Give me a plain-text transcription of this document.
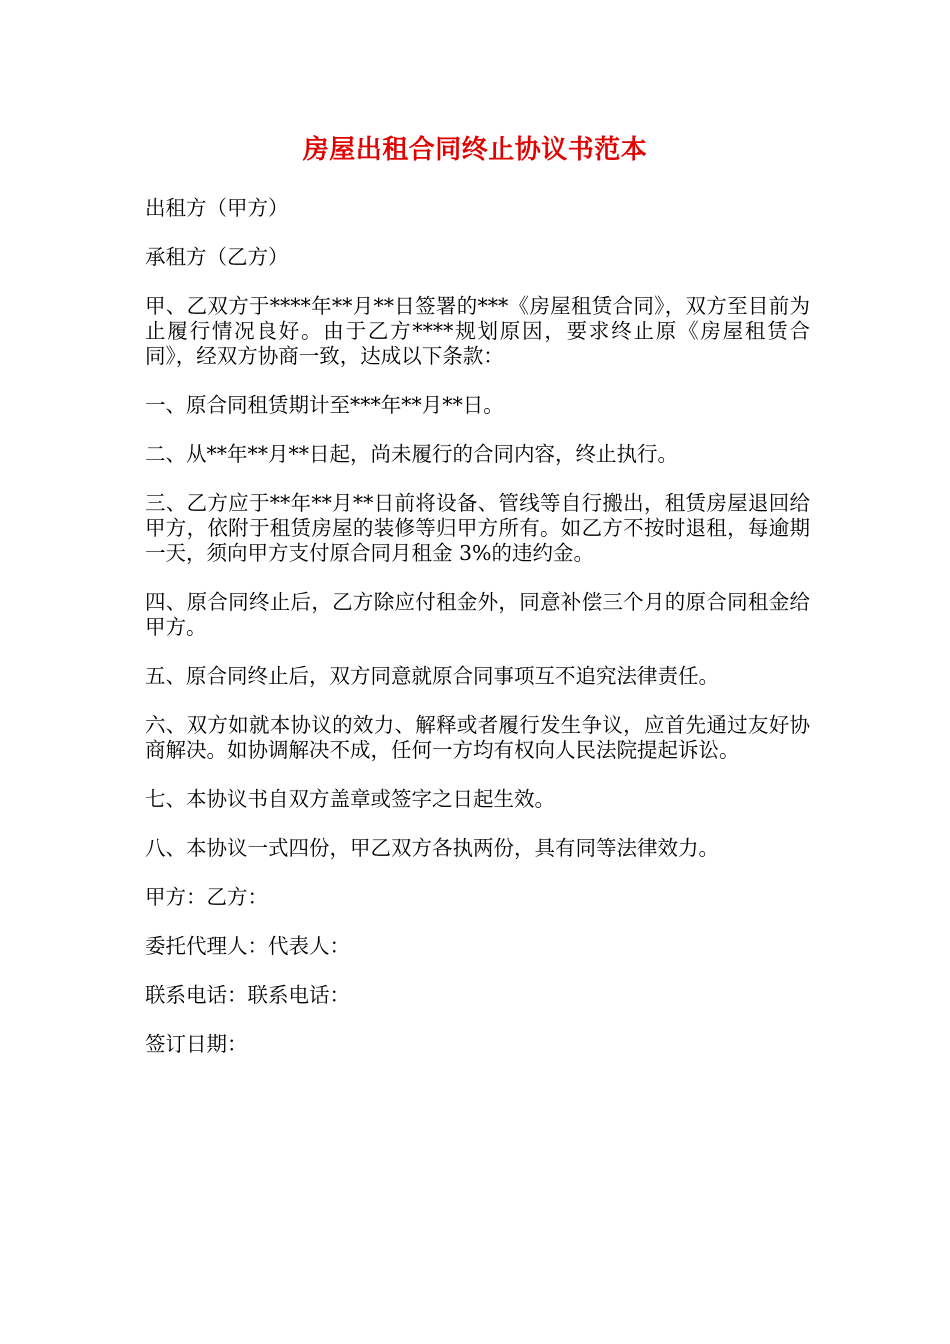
房屋出租合同终止协议书范本

出租方（甲方）

承租方（乙方）

甲、乙双方于****年**月**日签署的***《房屋租赁合同》，双方至目前为止履行情况良好。由于乙方****规划原因，要求终止原《房屋租赁合同》，经双方协商一致，达成以下条款：

一、原合同租赁期计至***年**月**日。

二、从**年**月**日起，尚未履行的合同内容，终止执行。

三、乙方应于**年**月**日前将设备、管线等自行搬出，租赁房屋退回给甲方，依附于租赁房屋的装修等归甲方所有。如乙方不按时退租，每逾期一天，须向甲方支付原合同月租金 3%的违约金。

四、原合同终止后，乙方除应付租金外，同意补偿三个月的原合同租金给甲方。

五、原合同终止后，双方同意就原合同事项互不追究法律责任。

六、双方如就本协议的效力、解释或者履行发生争议，应首先通过友好协商解决。如协调解决不成，任何一方均有权向人民法院提起诉讼。

七、本协议书自双方盖章或签字之日起生效。

八、本协议一式四份，甲乙双方各执两份，具有同等法律效力。

甲方：乙方：

委托代理人：代表人：

联系电话：联系电话：

签订日期：
